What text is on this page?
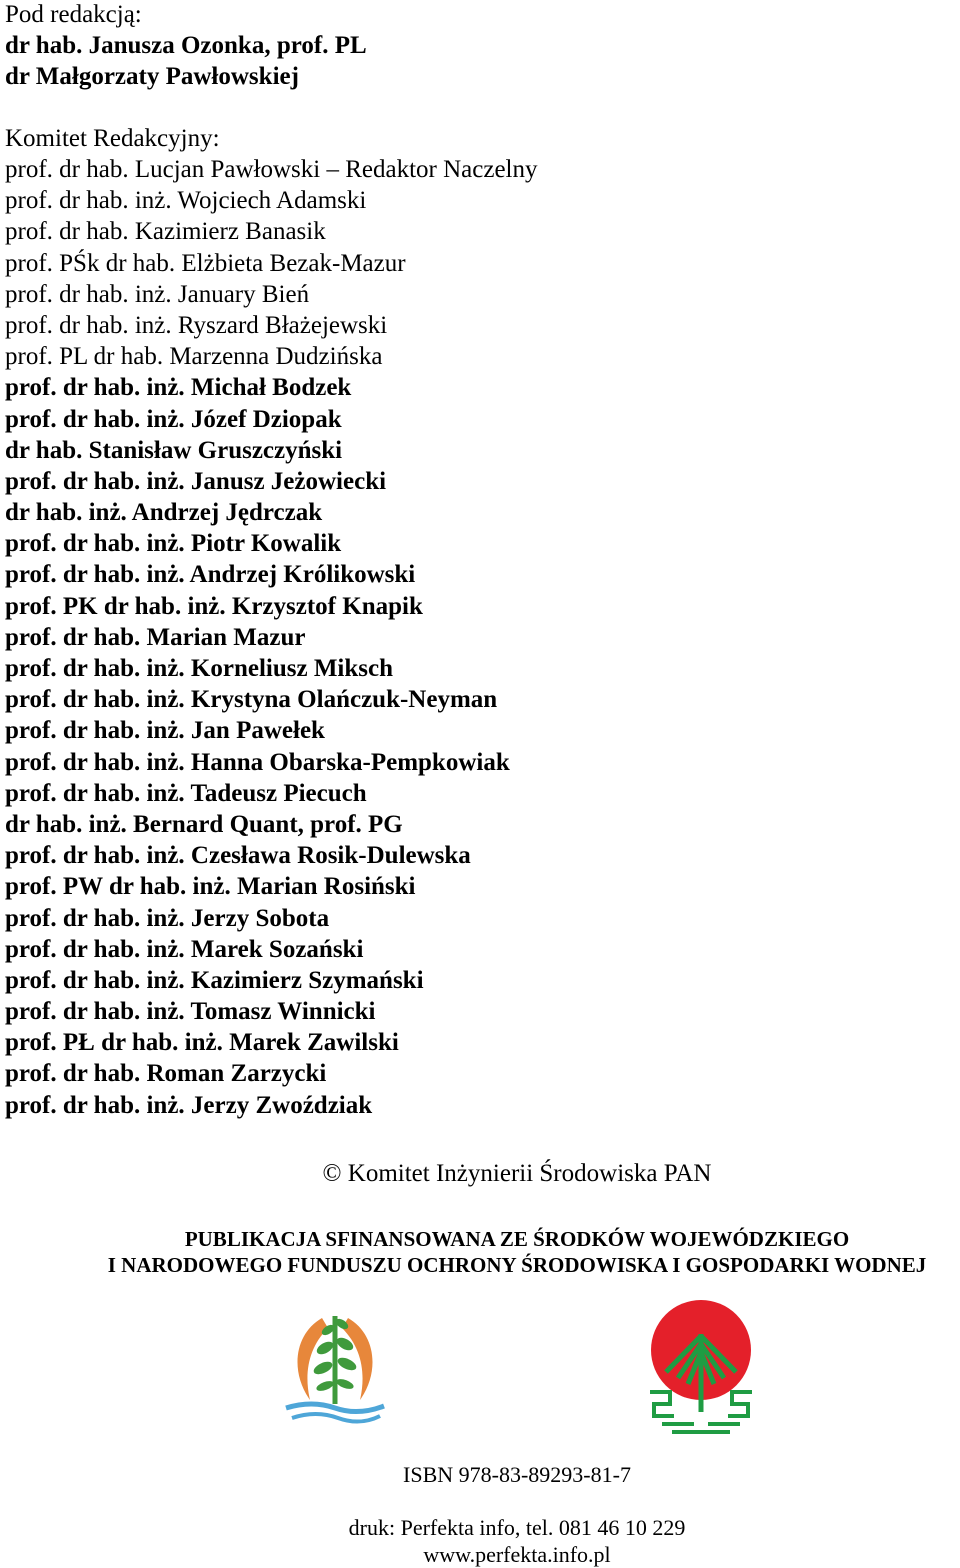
Pod redakcją:
dr hab. Janusza Ozonka, prof. PL
dr Małgorzaty Pawłowskiej
Komitet Redakcyjny:
prof. dr hab. Lucjan Pawłowski – Redaktor Naczelny
prof. dr hab. inż. Wojciech Adamski
prof. dr hab. Kazimierz Banasik
prof. PŚk dr hab. Elżbieta Bezak-Mazur
prof. dr hab. inż. January Bień
prof. dr hab. inż. Ryszard Błażejewski
prof. PL dr hab. Marzenna Dudzińska
prof. dr hab. inż. Michał Bodzek
prof. dr hab. inż. Józef Dziopak
dr hab. Stanisław Gruszczyński
prof. dr hab. inż. Janusz Jeżowiecki
dr hab. inż. Andrzej Jędrczak
prof. dr hab. inż. Piotr Kowalik
prof. dr hab. inż. Andrzej Królikowski
prof. PK dr hab. inż. Krzysztof Knapik
prof. dr hab. Marian Mazur
prof. dr hab. inż. Korneliusz Miksch
prof. dr hab. inż. Krystyna Olańczuk-Neyman
prof. dr hab. inż. Jan Pawełek
prof. dr hab. inż. Hanna Obarska-Pempkowiak
prof. dr hab. inż. Tadeusz Piecuch
dr hab. inż. Bernard Quant, prof. PG
prof. dr hab. inż. Czesława Rosik-Dulewska
prof. PW dr hab. inż. Marian Rosiński
prof. dr hab. inż. Jerzy Sobota
prof. dr hab. inż. Marek Sozański
prof. dr hab. inż. Kazimierz Szymański
prof. dr hab. inż. Tomasz Winnicki
prof. PŁ dr hab. inż. Marek Zawilski
prof. dr hab. Roman Zarzycki
prof. dr hab. inż. Jerzy Zwoździak
© Komitet Inżynierii Środowiska PAN
PUBLIKACJA SFINANSOWANA ZE ŚRODKÓW WOJEWÓDZKIEGO
I NARODOWEGO FUNDUSZU OCHRONY ŚRODOWISKA I GOSPODARKI WODNEJ
ISBN 978-83-89293-81-7
druk: Perfekta info, tel. 081 46 10 229
www.perfekta.info.pl
